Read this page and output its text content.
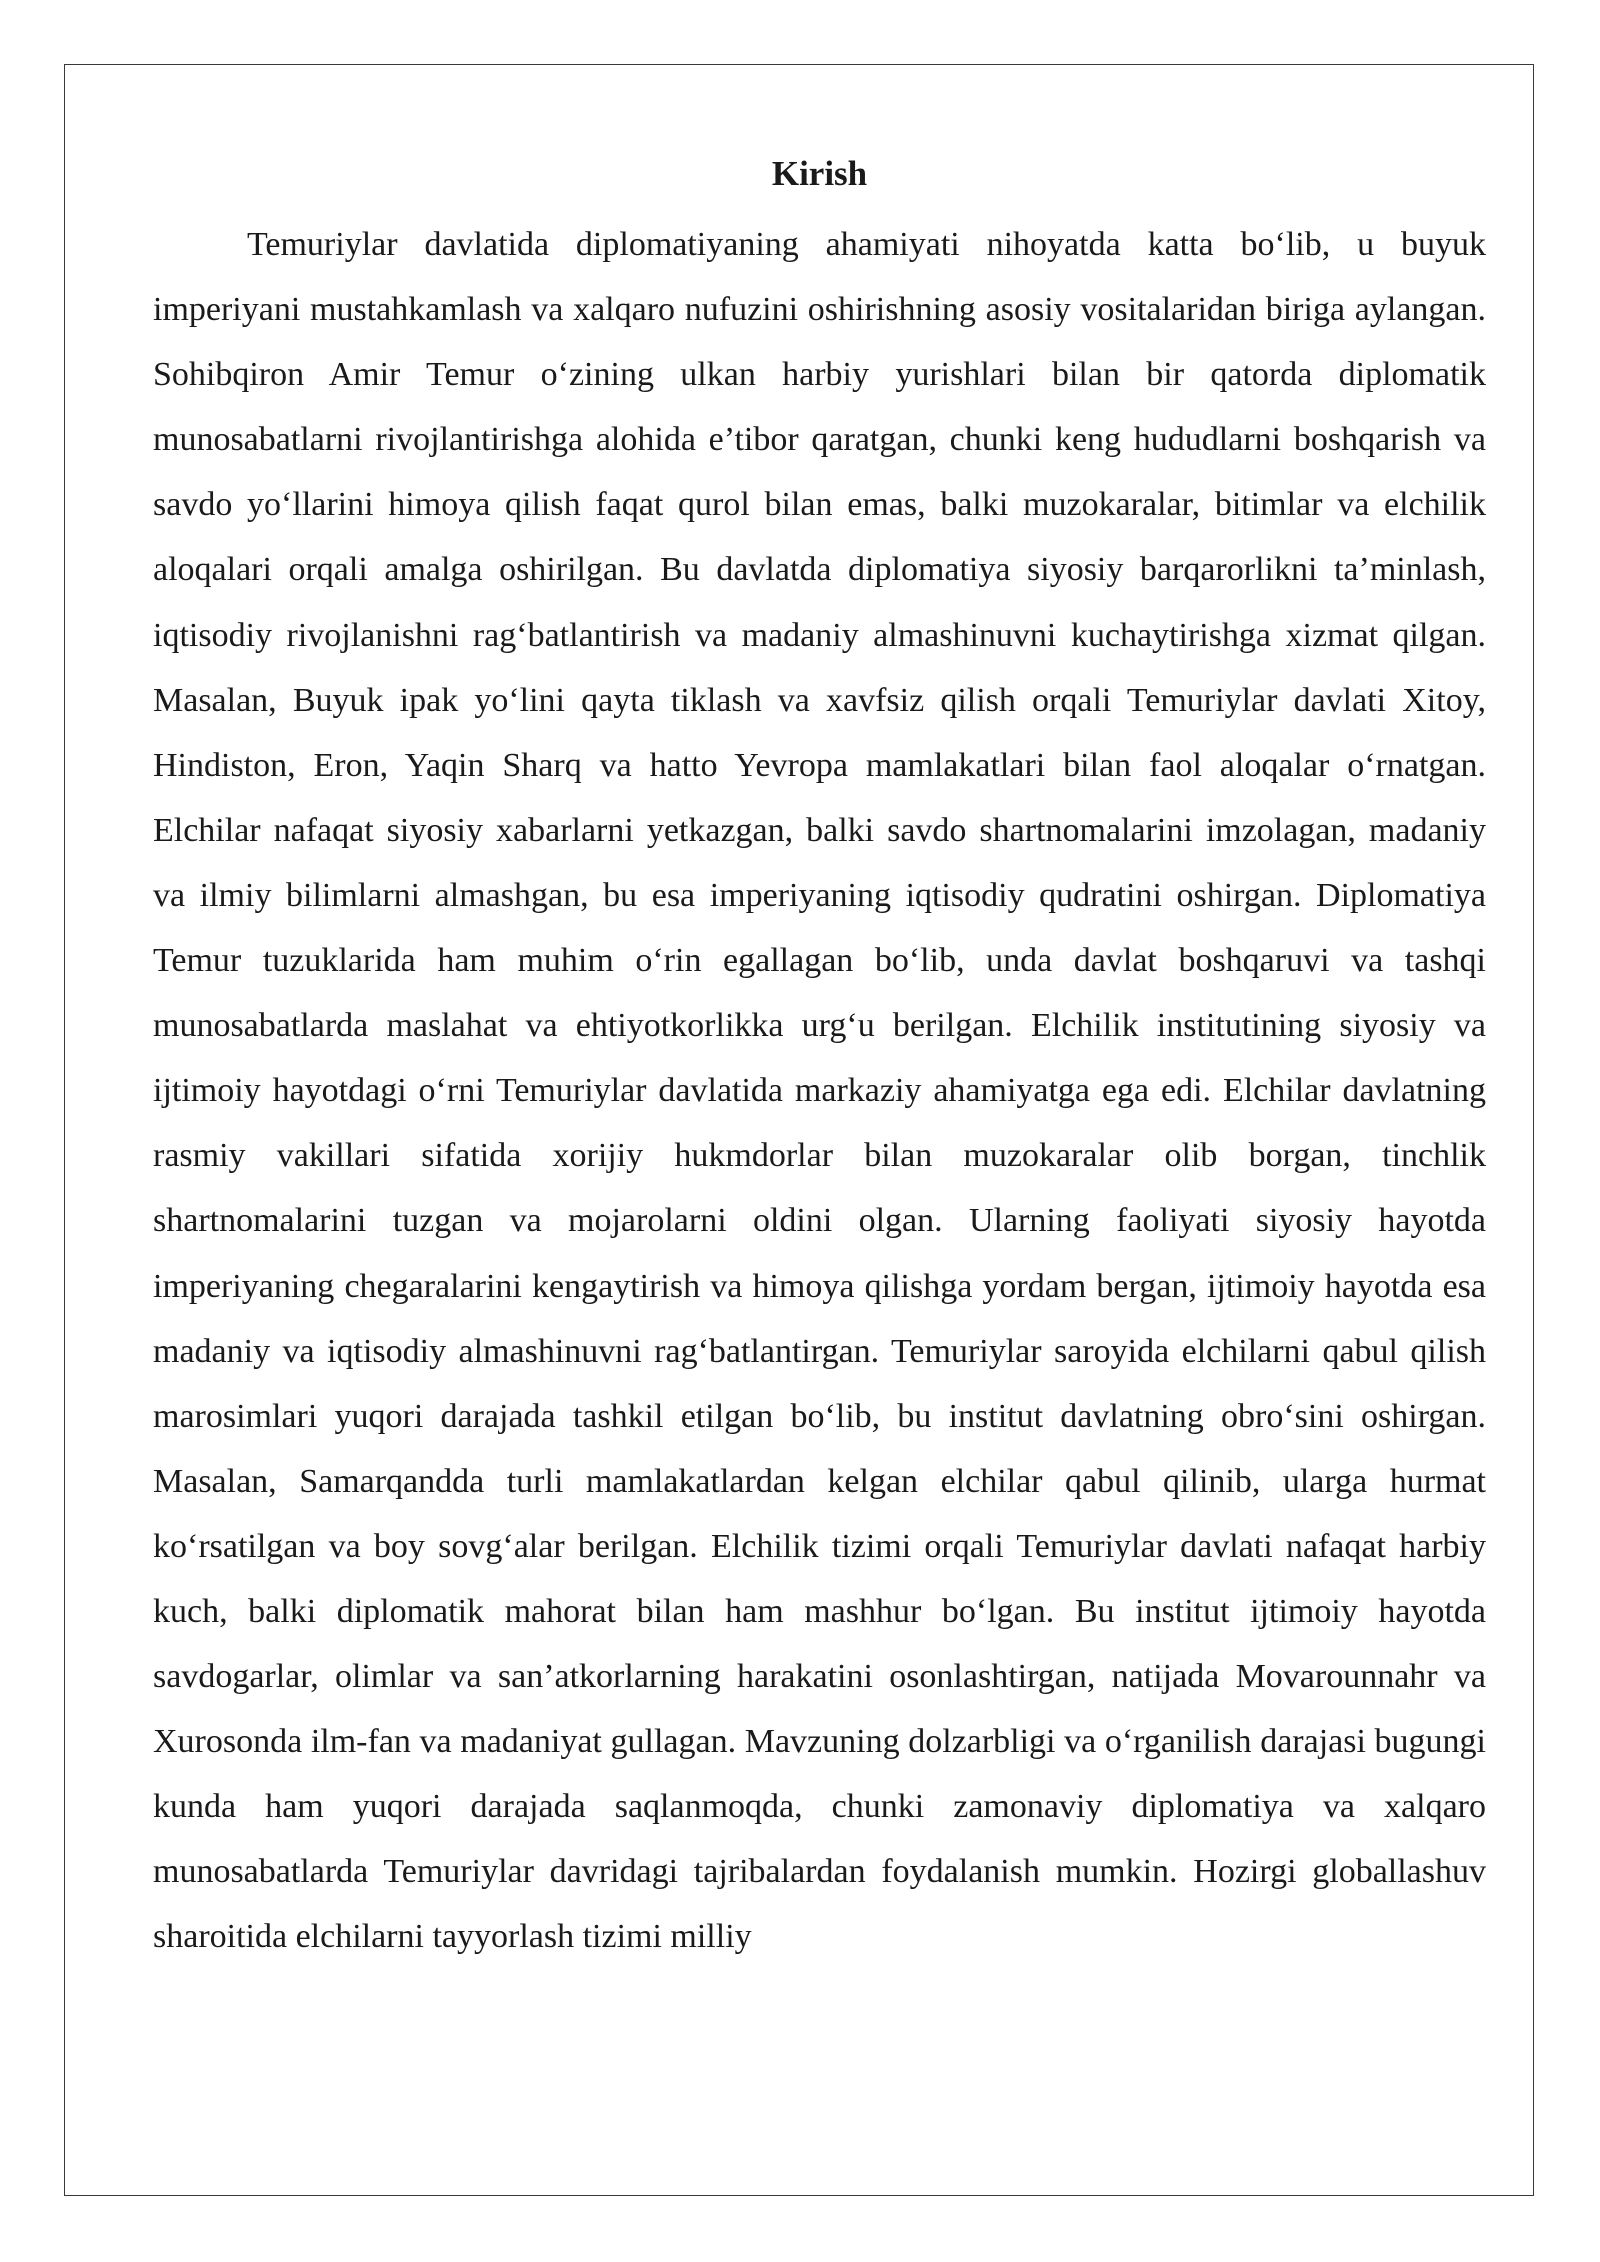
Kirish

Temuriylar davlatida diplomatiyaning ahamiyati nihoyatda katta bo‘lib, u buyuk imperiyani mustahkamlash va xalqaro nufuzini oshirishning asosiy vositalaridan biriga aylangan. Sohibqiron Amir Temur o‘zining ulkan harbiy yurishlari bilan bir qatorda diplomatik munosabatlarni rivojlantirishga alohida e’tibor qaratgan, chunki keng hududlarni boshqarish va savdo yo‘llarini himoya qilish faqat qurol bilan emas, balki muzokaralar, bitimlar va elchilik aloqalari orqali amalga oshirilgan. Bu davlatda diplomatiya siyosiy barqarorlikni ta’minlash, iqtisodiy rivojlanishni rag‘batlantirish va madaniy almashinuvni kuchaytirishga xizmat qilgan. Masalan, Buyuk ipak yo‘lini qayta tiklash va xavfsiz qilish orqali Temuriylar davlati Xitoy, Hindiston, Eron, Yaqin Sharq va hatto Yevropa mamlakatlari bilan faol aloqalar o‘rnatgan. Elchilar nafaqat siyosiy xabarlarni yetkazgan, balki savdo shartnomalarini imzolagan, madaniy va ilmiy bilimlarni almashgan, bu esa imperiyaning iqtisodiy qudratini oshirgan. Diplomatiya Temur tuzuklarida ham muhim o‘rin egallagan bo‘lib, unda davlat boshqaruvi va tashqi munosabatlarda maslahat va ehtiyotkorlikka urg‘u berilgan. Elchilik institutining siyosiy va ijtimoiy hayotdagi o‘rni Temuriylar davlatida markaziy ahamiyatga ega edi. Elchilar davlatning rasmiy vakillari sifatida xorijiy hukmdorlar bilan muzokaralar olib borgan, tinchlik shartnomalarini tuzgan va mojarolarni oldini olgan. Ularning faoliyati siyosiy hayotda imperiyaning chegaralarini kengaytirish va himoya qilishga yordam bergan, ijtimoiy hayotda esa madaniy va iqtisodiy almashinuvni rag‘batlantirgan. Temuriylar saroyida elchilarni qabul qilish marosimlari yuqori darajada tashkil etilgan bo‘lib, bu institut davlatning obro‘sini oshirgan. Masalan, Samarqandda turli mamlakatlardan kelgan elchilar qabul qilinib, ularga hurmat ko‘rsatilgan va boy sovg‘alar berilgan. Elchilik tizimi orqali Temuriylar davlati nafaqat harbiy kuch, balki diplomatik mahorat bilan ham mashhur bo‘lgan. Bu institut ijtimoiy hayotda savdogarlar, olimlar va san’atkorlarning harakatini osonlashtirgan, natijada Movarounnahr va Xurosonda ilm-fan va madaniyat gullagan. Mavzuning dolzarbligi va o‘rganilish darajasi bugungi kunda ham yuqori darajada saqlanmoqda, chunki zamonaviy diplomatiya va xalqaro munosabatlarda Temuriylar davridagi tajribalardan foydalanish mumkin. Hozirgi globallashuv sharoitida elchilarni tayyorlash tizimi milliy
